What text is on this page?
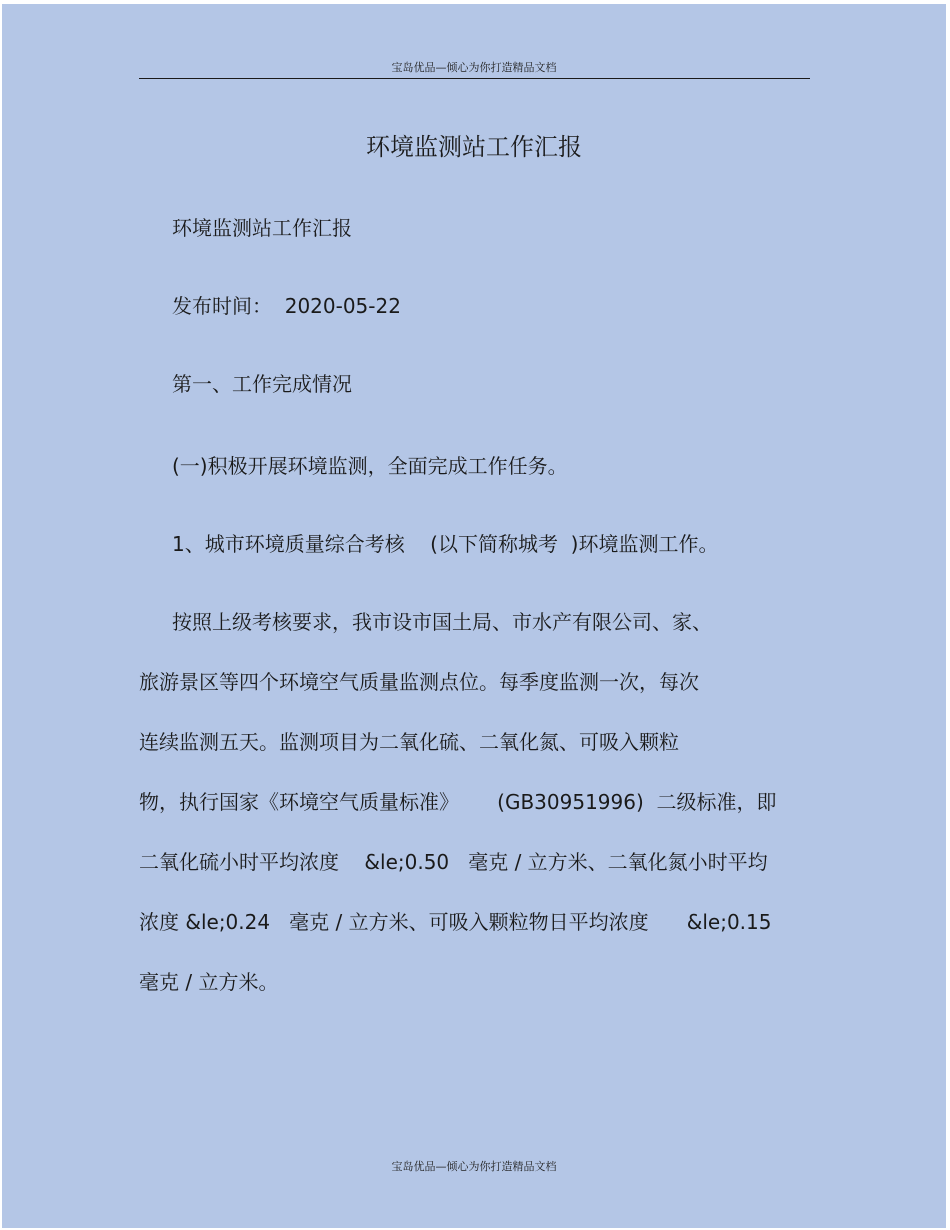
宝岛优品—倾心为你打造精品文档
环境监测站工作汇报

环境监测站工作汇报

发布时间：  2020-05-22

第一、工作完成情况

(一)积极开展环境监测，全面完成工作任务。

1、城市环境质量综合考核    (以下简称城考  )环境监测工作。

按照上级考核要求，我市设市国土局、市水产有限公司、家、

旅游景区等四个环境空气质量监测点位。每季度监测一次，每次

连续监测五天。监测项目为二氧化硫、二氧化氮、可吸入颗粒

物，执行国家《环境空气质量标准》      (GB30951996)  二级标准，即

二氧化硫小时平均浓度    &le;0.50   毫克 / 立方米、二氧化氮小时平均

浓度 &le;0.24   毫克 / 立方米、可吸入颗粒物日平均浓度      &le;0.15

毫克 / 立方米。

宝岛优品—倾心为你打造精品文档
